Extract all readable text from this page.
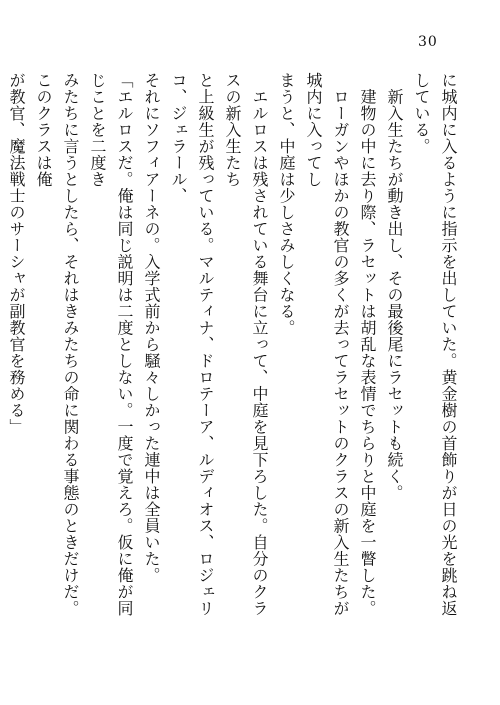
30

に城内に入るように指示を出していた。黄金樹の首飾りが日の光を跳ね返している。

　新入生たちが動き出し、その最後尾にラセットも続く。

　建物の中に去り際、ラセットは胡乱な表情でちらりと中庭を一瞥した。

　ローガンやほかの教官の多くが去ってラセットのクラスの新入生たちが城内に入ってし

まうと、中庭は少しさみしくなる。

　エルロスは残されている舞台に立って、中庭を見下ろした。自分のクラスの新入生たち

と上級生が残っている。マルティナ、ドロテーア、ルディオス、ロジェリコ、ジェラール、

それにソフィアーネの。入学式前から騒々しかった連中は全員いた。

「エルロスだ。俺は同じ説明は二度としない。一度で覚えろ。仮に俺が同じことを二度き

みたちに言うとしたら、それはきみたちの命に関わる事態のときだけだ。このクラスは俺

が教官、魔法戦士のサーシャが副教官を務める」
